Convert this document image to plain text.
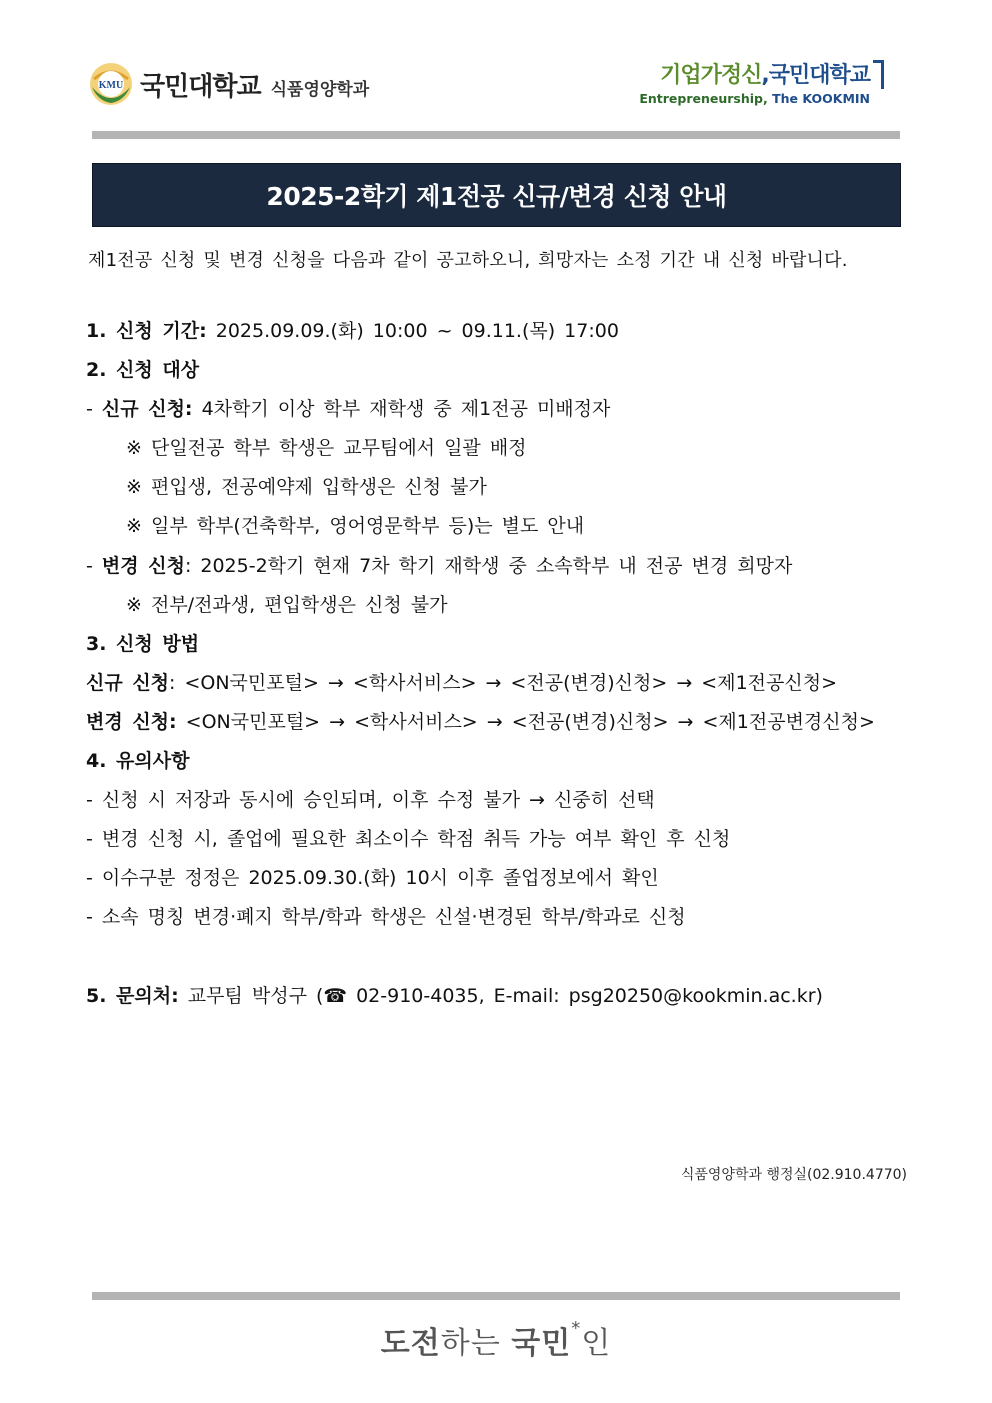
KMU 국민대학교 식품영양학과
기업가정신,국민대학교
Entrepreneurship, The KOOKMIN
2025-2학기 제1전공 신규/변경 신청 안내
제1전공 신청 및 변경 신청을 다음과 같이 공고하오니, 희망자는 소정 기간 내 신청 바랍니다.
1. 신청 기간: 2025.09.09.(화) 10:00 ~ 09.11.(목) 17:00
2. 신청 대상
- 신규 신청: 4차학기 이상 학부 재학생 중 제1전공 미배정자
※ 단일전공 학부 학생은 교무팀에서 일괄 배정
※ 편입생, 전공예약제 입학생은 신청 불가
※ 일부 학부(건축학부, 영어영문학부 등)는 별도 안내
- 변경 신청: 2025-2학기 현재 7차 학기 재학생 중 소속학부 내 전공 변경 희망자
※ 전부/전과생, 편입학생은 신청 불가
3. 신청 방법
신규 신청: <ON국민포털> → <학사서비스> → <전공(변경)신청> → <제1전공신청>
변경 신청: <ON국민포털> → <학사서비스> → <전공(변경)신청> → <제1전공변경신청>
4. 유의사항
- 신청 시 저장과 동시에 승인되며, 이후 수정 불가 → 신중히 선택
- 변경 신청 시, 졸업에 필요한 최소이수 학점 취득 가능 여부 확인 후 신청
- 이수구분 정정은 2025.09.30.(화) 10시 이후 졸업정보에서 확인
- 소속 명칭 변경·폐지 학부/학과 학생은 신설·변경된 학부/학과로 신청
5. 문의처: 교무팀 박성구 (☎ 02-910-4035, E-mail: psg20250@kookmin.ac.kr)
식품영양학과 행정실(02.910.4770)
도전하는 국민*인
